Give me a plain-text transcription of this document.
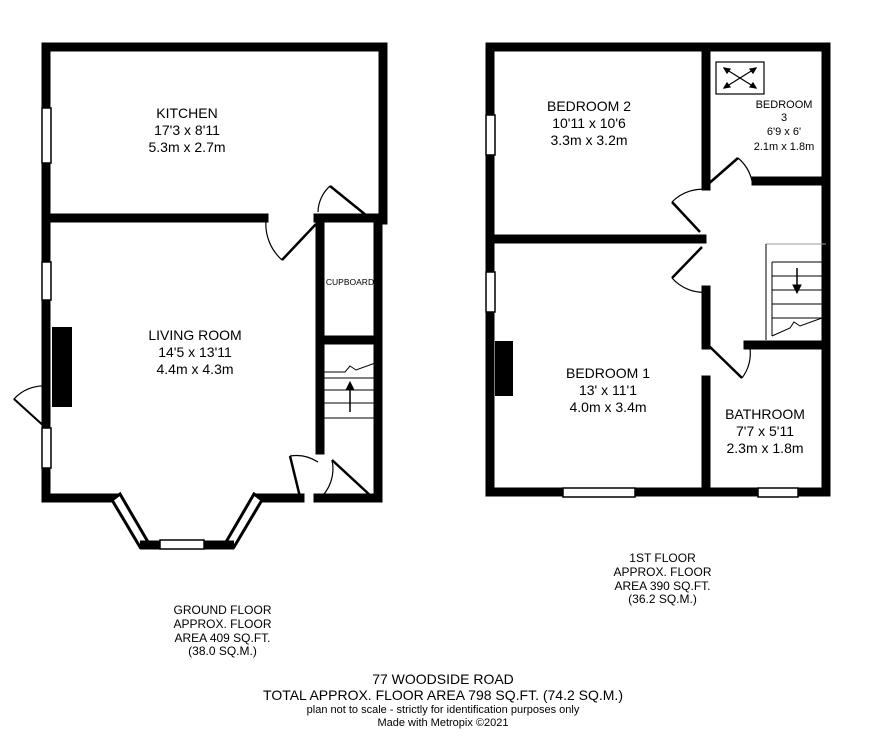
KITCHEN
17'3 x 8'11
5.3m x 2.7m
CUPBOARD
LIVING ROOM
14'5 x 13'11
4.4m x 4.3m
BEDROOM 2
10'11 x 10'6
3.3m x 3.2m
BEDROOM
3
6'9 x 6'
2.1m x 1.8m
BEDROOM 1
13' x 11'1
4.0m x 3.4m	BATHROOM
7'7 x 5'11
2.3m x 1.8m
GROUND FLOOR
APPROX. FLOOR
AREA 409 SQ.FT.
(38.0 SQ.M.)
1ST FLOOR
APPROX. FLOOR
AREA 390 SQ.FT.
(36.2 SQ.M.)
77 WOODSIDE ROAD
TOTAL APPROX. FLOOR AREA 798 SQ.FT. (74.2 SQ.M.)
plan not to scale - strictly for identification purposes only
Made with Metropix ©2021
